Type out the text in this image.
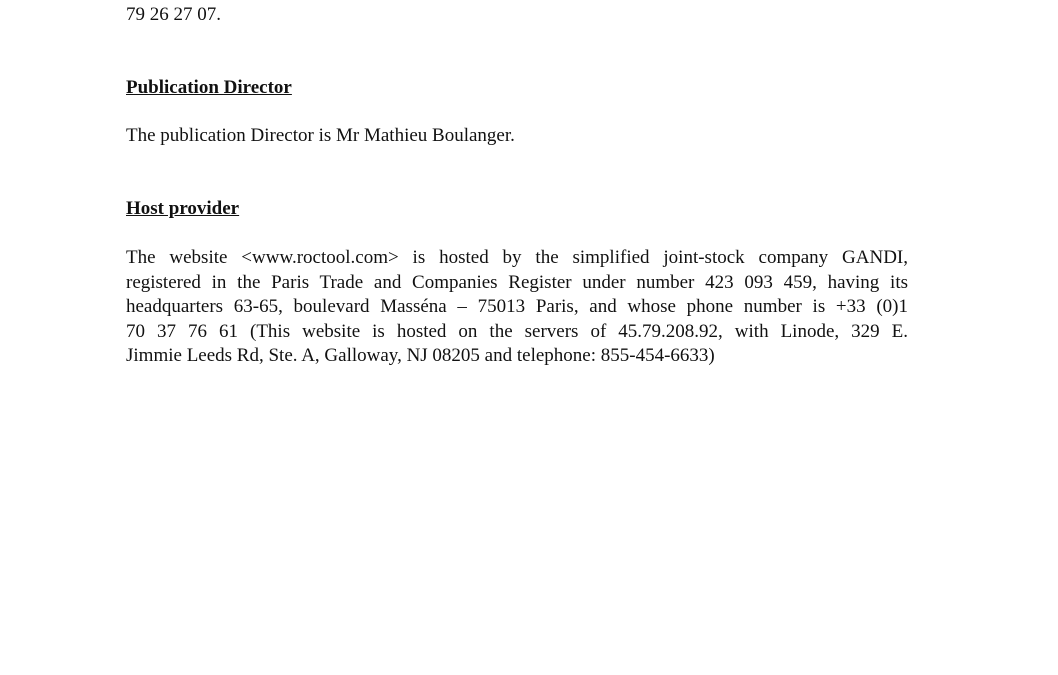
79 26 27 07.
Publication Director
The publication Director is Mr Mathieu Boulanger.
Host provider
The website <www.roctool.com> is hosted by the simplified joint-stock company GANDI,
registered in the Paris Trade and Companies Register under number 423 093 459, having its
headquarters 63-65, boulevard Masséna – 75013 Paris, and whose phone number is +33 (0)1
70 37 76 61 (This website is hosted on the servers of 45.79.208.92, with Linode, 329 E.
Jimmie Leeds Rd, Ste. A, Galloway, NJ 08205 and telephone: 855-454-6633)
